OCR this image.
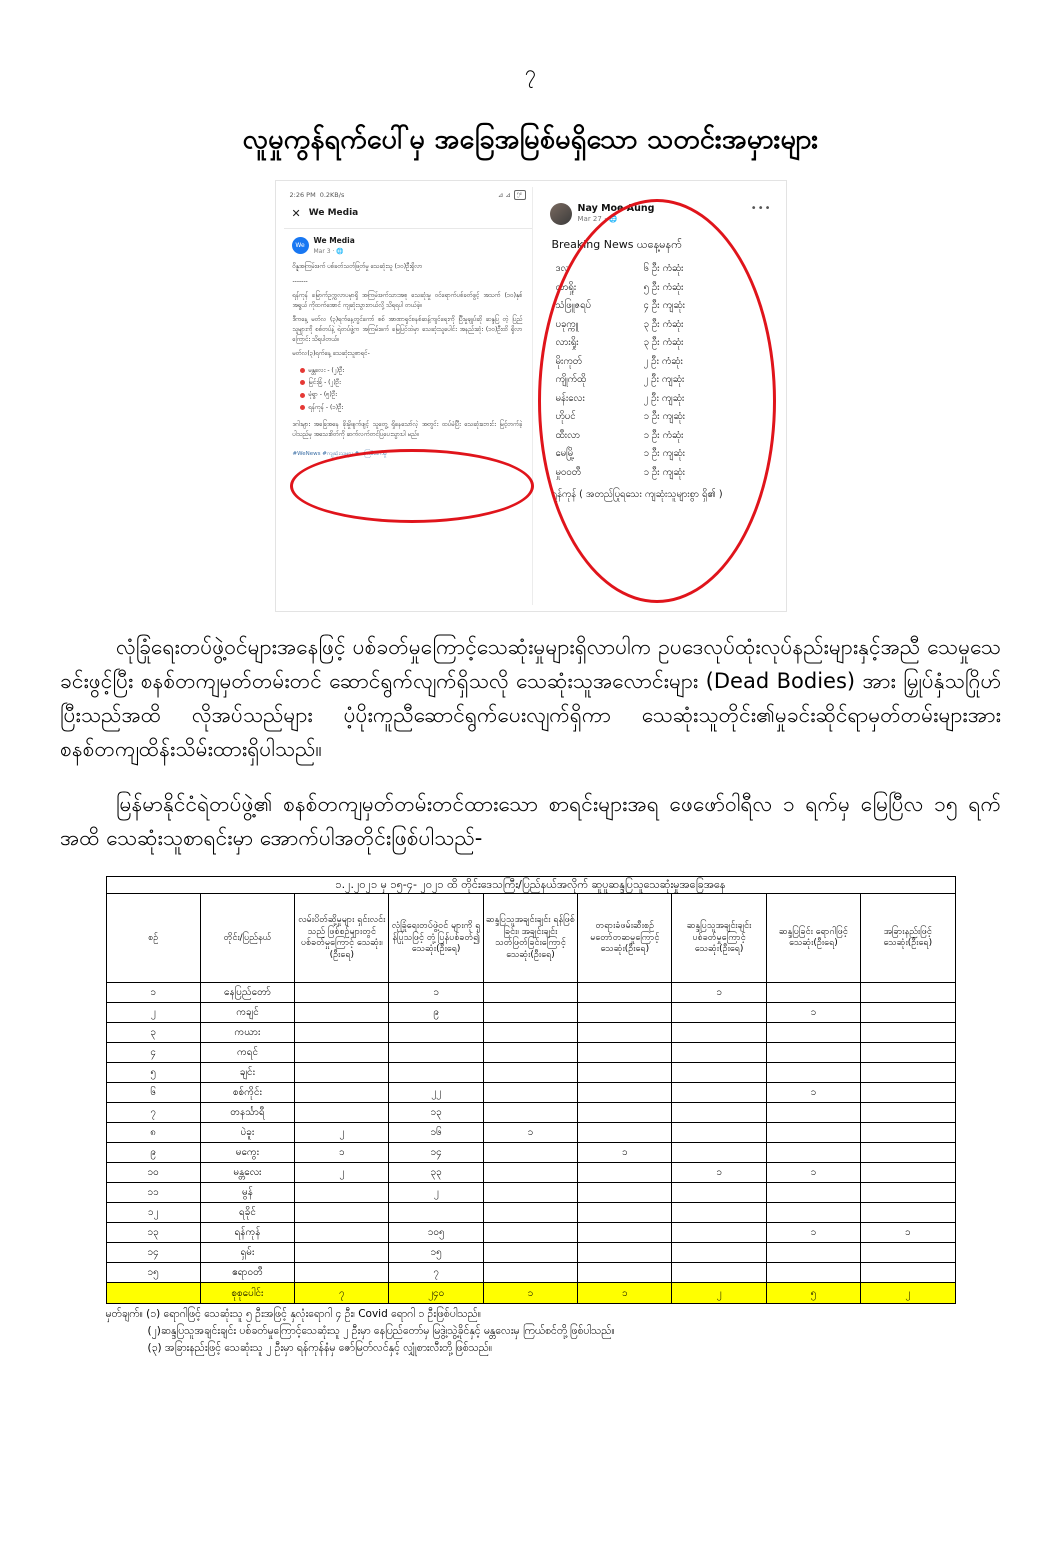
၇
လူမှုကွန်ရက်ပေါ်မှ အခြေအမြစ်မရှိသော သတင်းအမှားများ
2:26 PM 0.2KB/s	⊿ ⊿	၅၈
✕ We Media
We
We Media
Mar 3 · 🌐

ဝိန္နအကြမ်းဖက် ပစ်ခတ်သတ်ဖြတ်မှု သေဆုံးသူ (၁၀)ဦးရှိလာ

-------

ရန်ကုန် မြောက်ဥက္ကလာပမှာရှိ အကြမ်းဖက်သားအစု သေဆုံးမှု ဝင်ရောက်ပစ်ခတ်ဖွင့် အသက် (၁၀)နှစ် အရွယ် ကိုထက်အောင် ကျဆုံးသွားတယ်လို့ သိရရပါ တယ်ခဲ့။

ဒီကနေ့ မတ်လ (၃)ရက်နေ့တွင်ကော် စစ် အာဏာရှင်စနစ်ဆန့်ကျင်ရေးကို ပြီးမှုချုပ်ဆို ဆန္ဒပြ တဲ့ ပြည်သူများကို စစ်တပ်နဲ့ ရဲတပ်ဖွဲ့က အကြမ်းဖက် မြေပြင်ထဲမှာ သေဆုံးသူပေါင်း အနည်းဆုံး (၁၀)ဦးထိ ရှိလာကြောင်း သိရပါတယ်။

မတ်လ(၃)ရက်နေ့ သေဆုံးသူစာရင်-

မန္တလေး - (၂)ဦး
မြင်းခြံ - (၂)ဦး
မုံရွာ - (၅)ဦး
ရန်ကုန် - (၁)ဦး

ဒဂါးများ အခြေအနေ ခိုးမှိုဖျက်ဖျင့် သူတွေ့ ရှိနေသော်လဲ့ အတွင်း ထပ်မံပြီး သေဆုံးဘေးင်း မြင့်တက်ခဲ့ပါသည်မှ အသေးစိတ်ကို ဆက်လက်တင်ပြပေးသွားပါ မည်။

#WeNews #ကျဆုံးသူများ #အကြမ်းဖက်မှု
Nay Moe Aung
Mar 27 · 🌐
•••
Breaking News ယနေ့မနက်
ဒလ	၆ ဦး ကံဆုံး
လာရှိုး	၅ ဦး ကံဆုံး
သံဖြူဇရပ်	၄ ဦး ကျဆုံး
ပခုက္ကူ	၃ ဦး ကံဆုံး
လားရှိုး	၃ ဦး ကံဆုံး
မိုးကုတ်	၂ ဦး ကံဆုံး
ကျိုက်ထို	၂ ဦး ကျဆုံး
မန်းလေး	၂ ဦး ကျဆုံး
ဟိုပင်	၁ ဦး ကျဆုံး
ထီးလာ	၁ ဦး ကံဆုံး
မေမြို့	၁ ဦး ကျဆုံး
မှုဝဝတီ	၁ ဦး ကျဆုံး
ရန်ကုန် ( အတည်ပြုရသေး ကျဆုံးသူများစွာ ရှိ၏ )

လုံခြုံရေးတပ်ဖွဲ့ဝင်များအနေဖြင့် ပစ်ခတ်မှုကြောင့်သေဆုံးမှုများရှိလာပါက ဥပဒေလုပ်ထုံးလုပ်နည်းများနှင့်အညီ သေမှုသေခင်းဖွင့်ပြီး စနစ်တကျမှတ်တမ်းတင် ဆောင်ရွက်လျက်ရှိသလို သေဆုံးသူအလောင်းများ (Dead Bodies) အား မြှုပ်နှံသဂြိုဟ် ပြီးသည်အထိ လိုအပ်သည်များ ပံ့ပိုးကူညီဆောင်ရွက်ပေးလျက်ရှိကာ သေဆုံးသူတိုင်း၏မှုခင်းဆိုင်ရာမှတ်တမ်းများအား စနစ်တကျထိန်းသိမ်းထားရှိပါသည်။

မြန်မာနိုင်ငံရဲတပ်ဖွဲ့၏ စနစ်တကျမှတ်တမ်းတင်ထားသော စာရင်းများအရ ဖေဖော်ဝါရီလ ၁ ရက်မှ မြေပြီလ ၁၅ ရက်အထိ သေဆုံးသူစာရင်းမှာ အောက်ပါအတိုင်းဖြစ်ပါသည်-

၁.၂.၂၀၂၁ မှ ၁၅-၄- ၂၀၂၁ ထိ တိုင်းဒေသကြီး/ပြည်နယ်အလိုက် ဆူပူဆန္ဒပြသူသေဆုံးမှုအခြေအနေ								
စဉ်	တိုင်း/ပြည်နယ်	လမ်းပိတ်ဆို့မှုများ ရှင်းလင်းသည် ဖြစ်စဉ်များတွင် ပစ်ခတ်မှုကြောင့် သေဆုံး၊(ဦးရေ)	လုံခြုံရေးတပ်ဖွဲ့ဝင် များကို ရှန်ပြုသဖြင့် တုံ့ပြန်ပစ်ခတ်၍ သေဆုံး(ဦးရေ)	ဆန္ဒပြသူအချင်းချင်း ရန်ဖြစ်ခြင်း၊ အချင်းချင်း သတ်ဖြတ်ခြင်းကြောင့် သေဆုံး(ဦးရေ)	တရားခံဖမ်းဆီးစဉ် မတော်တဆမှုကြောင့် သေဆုံး(ဦးရေ)	ဆန္ဒပြသူအချင်းချင်း ပစ်ခတ်မှုကြောင့် သေဆုံး(ဦးရေ)	ဆန္ဒပြခြင်း ရောဂါဖြင့် သေဆုံး(ဦးရေ)	အခြားနည်းဖြင့် သေဆုံး(ဦးရေ)
၁	နေပြည်တော်		၁			၁		
၂	ကချင်		၉				၁	
၃	ကယား							
၄	ကရင်							
၅	ချင်း							
၆	စစ်ကိုင်း		၂၂				၁	
၇	တနင်္သာရီ		၁၃					
၈	ပဲခူး	၂	၁၆	၁				
၉	မကွေး	၁	၁၄		၁			
၁၀	မန္တလေး	၂	၃၃			၁	၁	
၁၁	မွန်		၂					
၁၂	ရခိုင်							
၁၃	ရန်ကုန်		၁၀၅				၁	၁
၁၄	ရှမ်း		၁၅					
၁၅	ဧရာဝတီ		၇					
	စုစုပေါင်း	၇	၂၄၀	၁	၁	၂	၅	၂
မှတ်ချက်။ (၁) ရောဂါဖြင့် သေဆုံးသူ ၅ ဦးအဖြင့် နှလုံးရောဂါ ၄ ဦး၊ Covid ရောဂါ ၁ ဦးဖြစ်ပါသည်။
(၂)ဆန္ဒပြသူအချင်းချင်း ပစ်ခတ်မှုကြောင့်သေဆုံးသူ ၂ ဦးမှာ နေပြည်တော်မှ မြဒွဲ့၊သွဲ့ခိုင်နှင့် မန္တလေးမှ ကြယ်စင်တို့ဖြစ်ပါသည်။
(၃) အခြားနည်းဖြင့် သေဆုံးသူ ၂ ဦးမှာ ရန်ကုန်နံမှ ဇော်မြတ်လင်နှင့် လျှုံစားလီးတို့ဖြစ်သည်။
